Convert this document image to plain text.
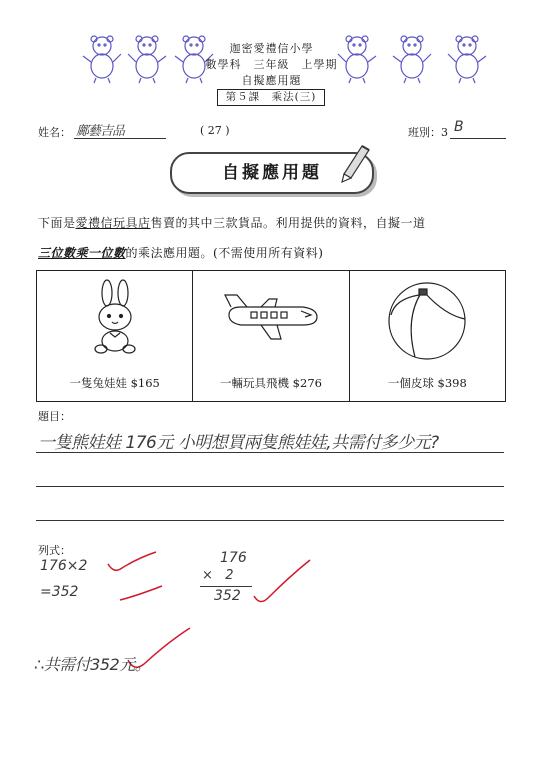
迦密愛禮信小學
數學科　三年級　上學期
自擬應用題
第５課　乘法(三)
姓名： 鄺藝吉品	( 27 )	班別：3 B
自擬應用題
下面是愛禮信玩具店售賣的其中三款貨品。利用提供的資料，自擬一道
三位數乘一位數的乘法應用題。(不需使用所有資料)
一隻兔娃娃 $165	一輛玩具飛機 $276	一個皮球 $398
題目：
一隻熊娃娃 176元 小明想買兩隻熊娃娃,共需付多少元?
列式：
176×2
=352
176
×   2
352
∴共需付352元。
